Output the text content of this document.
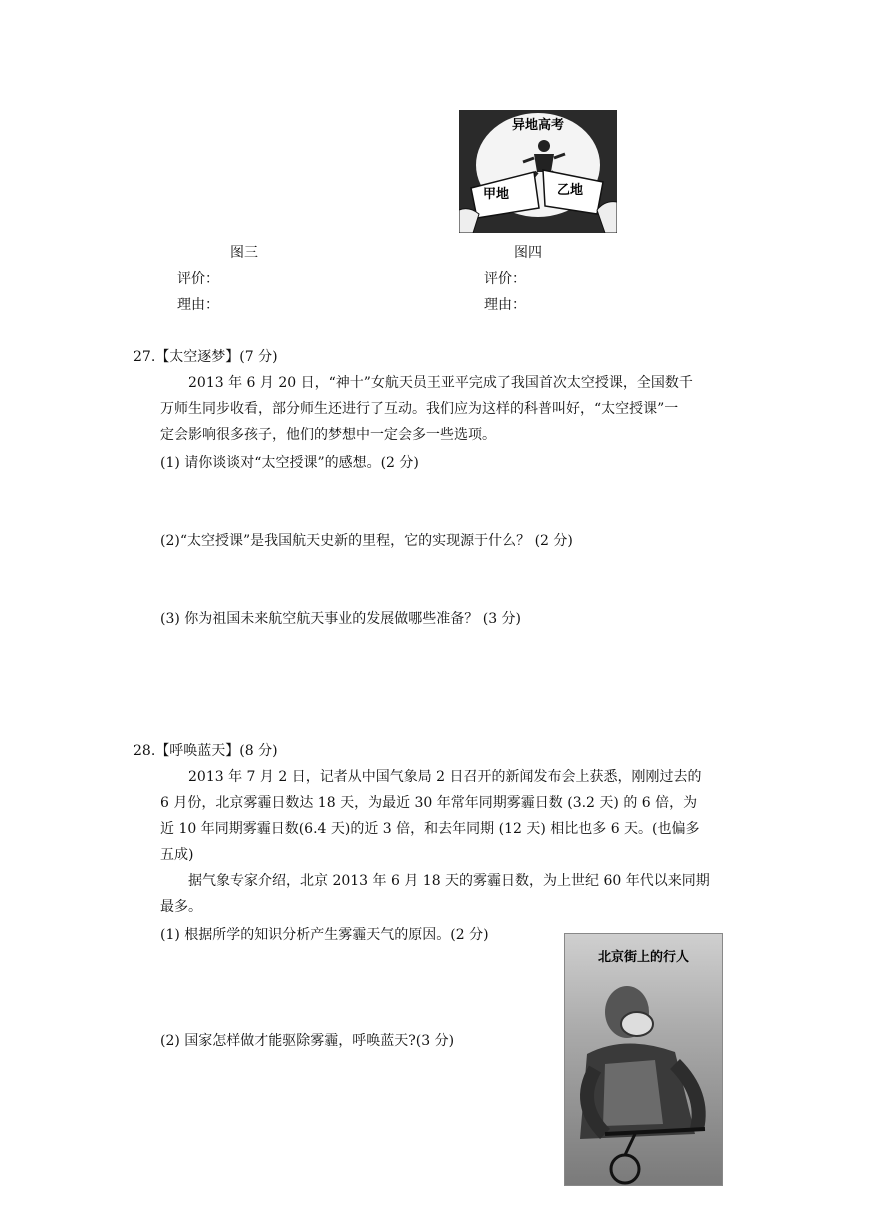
甲地	乙地
异地高考
图三	图四
评价：
理由：
评价：
理由：
27.【太空逐梦】(7 分)
2013 年 6 月 20 日，“神十”女航天员王亚平完成了我国首次太空授课，全国数千
万师生同步收看，部分师生还进行了互动。我们应为这样的科普叫好，“太空授课”一
定会影响很多孩子，他们的梦想中一定会多一些选项。
(1) 请你谈谈对“太空授课”的感想。(2 分)
(2)“太空授课”是我国航天史新的里程，它的实现源于什么？ (2 分)
(3) 你为祖国未来航空航天事业的发展做哪些准备？ (3 分)
28.【呼唤蓝天】(8 分)
2013 年 7 月 2 日，记者从中国气象局 2 日召开的新闻发布会上获悉，刚刚过去的
6 月份，北京雾霾日数达 18 天，为最近 30 年常年同期雾霾日数 (3.2 天) 的 6 倍，为
近 10 年同期雾霾日数(6.4 天)的近 3 倍，和去年同期 (12 天) 相比也多 6 天。(也偏多
五成)
据气象专家介绍，北京 2013 年 6 月 18 天的雾霾日数，为上世纪 60 年代以来同期
最多。
(1) 根据所学的知识分析产生雾霾天气的原因。(2 分)
(2) 国家怎样做才能驱除雾霾，呼唤蓝天?(3 分)
北京街上的行人
